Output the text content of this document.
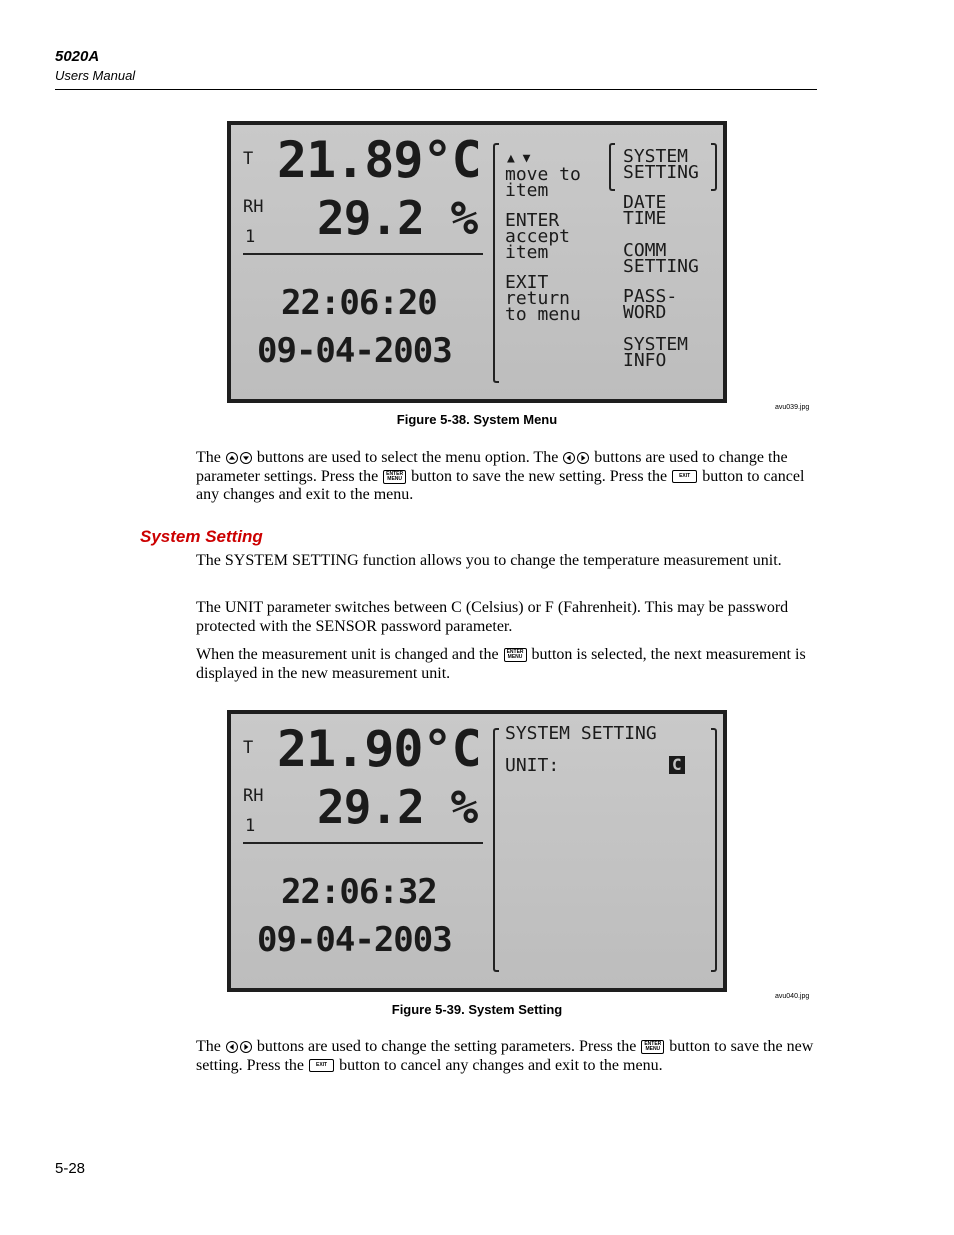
5020A
Users Manual
T 21.89°C
RH
1 29.2 %
22:06:20
09-04-2003
▲ ▼
move to
item
ENTER
accept
item
EXIT
return
to menu
SYSTEM
SETTING
DATE
TIME
COMM
SETTING
PASS-
WORD
SYSTEM
INFO
avu039.jpg
Figure 5-38. System Menu
The buttons are used to select the menu option. The buttons are used to change the parameter settings. Press the ENTER
MENU button to save the new setting. Press the EXIT button to cancel any changes and exit to the menu.
System Setting
The SYSTEM SETTING function allows you to change the temperature measurement unit.
The UNIT parameter switches between C (Celsius) or F (Fahrenheit). This may be password protected with the SENSOR password parameter.
When the measurement unit is changed and the ENTER
MENU button is selected, the next measurement is displayed in the new measurement unit.
T 21.90°C
RH
1 29.2 %
22:06:32
09-04-2003
SYSTEM SETTING
UNIT:	C
avu040.jpg
Figure 5-39. System Setting
The buttons are used to change the setting parameters. Press the ENTER
MENU button to save the new setting. Press the EXIT button to cancel any changes and exit to the menu.
5-28
